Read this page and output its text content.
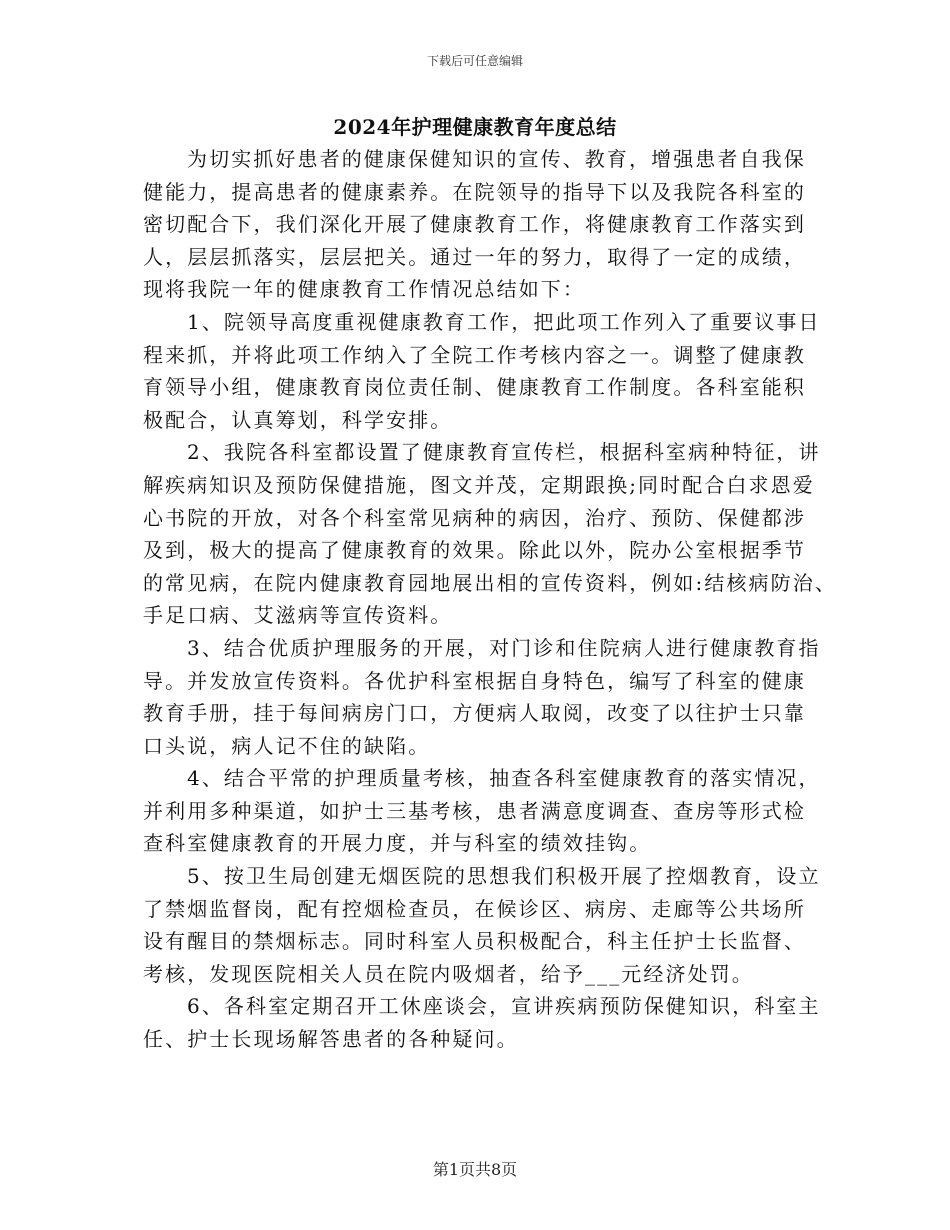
下载后可任意编辑
2024年护理健康教育年度总结
为切实抓好患者的健康保健知识的宣传、教育，增强患者自我保
健能力，提高患者的健康素养。在院领导的指导下以及我院各科室的
密切配合下，我们深化开展了健康教育工作，将健康教育工作落实到
人，层层抓落实，层层把关。通过一年的努力，取得了一定的成绩，
现将我院一年的健康教育工作情况总结如下：
1、院领导高度重视健康教育工作，把此项工作列入了重要议事日
程来抓，并将此项工作纳入了全院工作考核内容之一。调整了健康教
育领导小组，健康教育岗位责任制、健康教育工作制度。各科室能积
极配合，认真筹划，科学安排。
2、我院各科室都设置了健康教育宣传栏，根据科室病种特征，讲
解疾病知识及预防保健措施，图文并茂，定期跟换;同时配合白求恩爱
心书院的开放，对各个科室常见病种的病因，治疗、预防、保健都涉
及到，极大的提高了健康教育的效果。除此以外，院办公室根据季节
的常见病，在院内健康教育园地展出相的宣传资料，例如:结核病防治、
手足口病、艾滋病等宣传资料。
3、结合优质护理服务的开展，对门诊和住院病人进行健康教育指
导。并发放宣传资料。各优护科室根据自身特色，编写了科室的健康
教育手册，挂于每间病房门口，方便病人取阅，改变了以往护士只靠
口头说，病人记不住的缺陷。
4、结合平常的护理质量考核，抽查各科室健康教育的落实情况，
并利用多种渠道，如护士三基考核，患者满意度调查、查房等形式检
查科室健康教育的开展力度，并与科室的绩效挂钩。
5、按卫生局创建无烟医院的思想我们积极开展了控烟教育，设立
了禁烟监督岗，配有控烟检查员，在候诊区、病房、走廊等公共场所
设有醒目的禁烟标志。同时科室人员积极配合，科主任护士长监督、
考核，发现医院相关人员在院内吸烟者，给予___元经济处罚。
6、各科室定期召开工休座谈会，宣讲疾病预防保健知识，科室主
任、护士长现场解答患者的各种疑问。
第1页共8页
